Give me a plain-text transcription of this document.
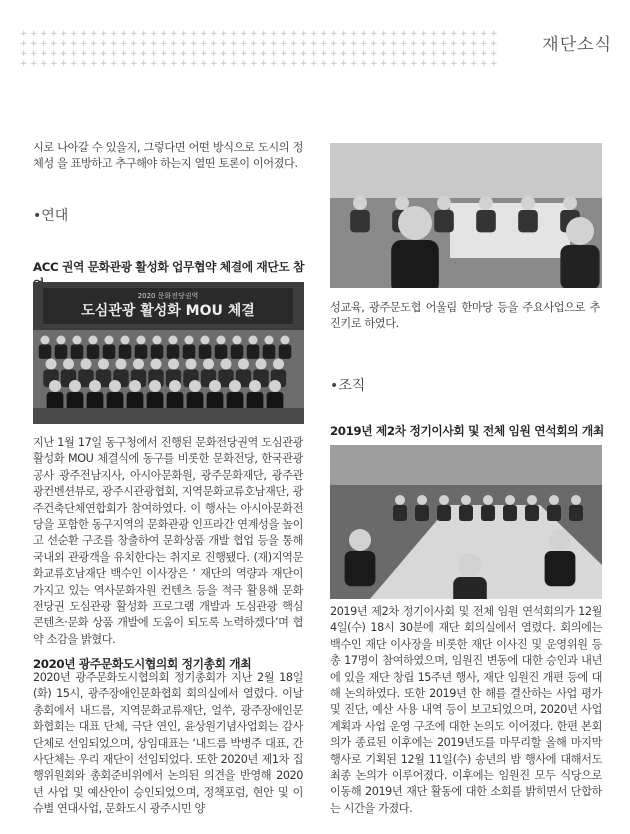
+ + + + + + + + + + + + + + + + + + + + + + + + + + + + + + + + + + + + + + + + + + + + + + + +
+ + + + + + + + + + + + + + + + + + + + + + + + + + + + + + + + + + + + + + + + + + + + + + + +
+ + + + + + + + + + + + + + + + + + + + + + + + + + + + + + + + + + + + + + + + + + + + + + + +
+ + + + + + + + + + + + + + + + + + + + + + + + + + + + + + + + + + + + + + + + + + + + + + + +
재단소식
시로 나아갈 수 있을지, 그렇다면 어떤 방식으로 도시의 정체성 을 표방하고 추구해야 하는지 열띤 토론이 이어졌다.
•연대
ACC 권역 문화관광 활성화 업무협약 체결에 재단도 참
2020 문화전당권역
도심관광 활성화 MOU 체결
지난 1월 17일 동구청에서 진행된 문화전당권역 도심관광 활성화 MOU 체결식에 동구를 비롯한 문화전당, 한국관광공사 광주전남지사, 아시아문화원, 광주문화재단, 광주관광컨벤션뷰로, 광주시관광협회, 지역문화교류호남재단, 광주건축단체연합회가 참여하였다. 이 행사는 아시아문화전당을 포함한 동구지역의 문화관광 인프라간 연계성을 높이고 선순환 구조를 창출하여 문화상품 개발 협업 등을 통해 국내외 관광객을 유치한다는 취지로 진행됐다. (재)지역문화교류호남재단 백수인 이사장은 ‘ 재단의 역량과 재단이 가지고 있는 역사문화자원 컨텐츠 등을 적극 활용해 문화전당권 도심관광 활성화 프로그램 개발과 도심관광 핵심 콘텐츠·문화 상품 개발에 도움이 되도록 노력하겠다’며 협약 소감을 밝혔다.
2020년 광주문화도시협의회 정기총회 개최
2020년 광주문화도시협의회 정기총회가 지난 2월 18일(화) 15시, 광주장애인문화협회 회의실에서 열렸다. 이날 총회에서 내드름, 지역문화교류재단, 얼쑤, 광주장애인문화협회는 대표 단체, 극단 연인, 윤상원기념사업회는 감사단체로 선임되었으며, 상임대표는 ‘내드름 박병주 대표, 간사단체는 우리 재단이 선임되었다. 또한 2020년 제1차 집행위원회와 총회준비위에서 논의된 의견을 반영해 2020년 사업 및 예산안이 승인되었으며, 정책포럼, 현안 및 이슈별 연대사업, 문화도시 광주시민 양
성교육, 광주문도협 어울림 한마당 등을 주요사업으로 추진키로 하였다.
•조직
2019년 제2차 정기이사회 및 전체 임원 연석회의 개최
2019년 제2차 정기이사회 및 전체 임원 연석회의가 12월 4일(수) 18시 30분에 재단 회의실에서 열렸다. 회의에는 백수인 재단 이사장을 비롯한 재단 이사진 및 운영위원 등 총 17명이 참여하였으며, 임원진 변동에 대한 승인과 내년에 있을 재단 창립 15주년 행사, 재단 임원진 개편 등에 대해 논의하였다. 또한 2019년 한 해를 결산하는 사업 평가 및 진단, 예산 사용 내역 등이 보고되었으며, 2020년 사업 계획과 사업 운영 구조에 대한 논의도 이어졌다. 한편 본회의가 종료된 이후에는 2019년도를 마무리할 올해 마지막 행사로 기획된 12월 11일(수) 송년의 밤 행사에 대해서도 최종 논의가 이루어졌다. 이후에는 임원진 모두 식당으로 이동해 2019년 재단 활동에 대한 소회를 밝히면서 단합하는 시간을 가졌다.
